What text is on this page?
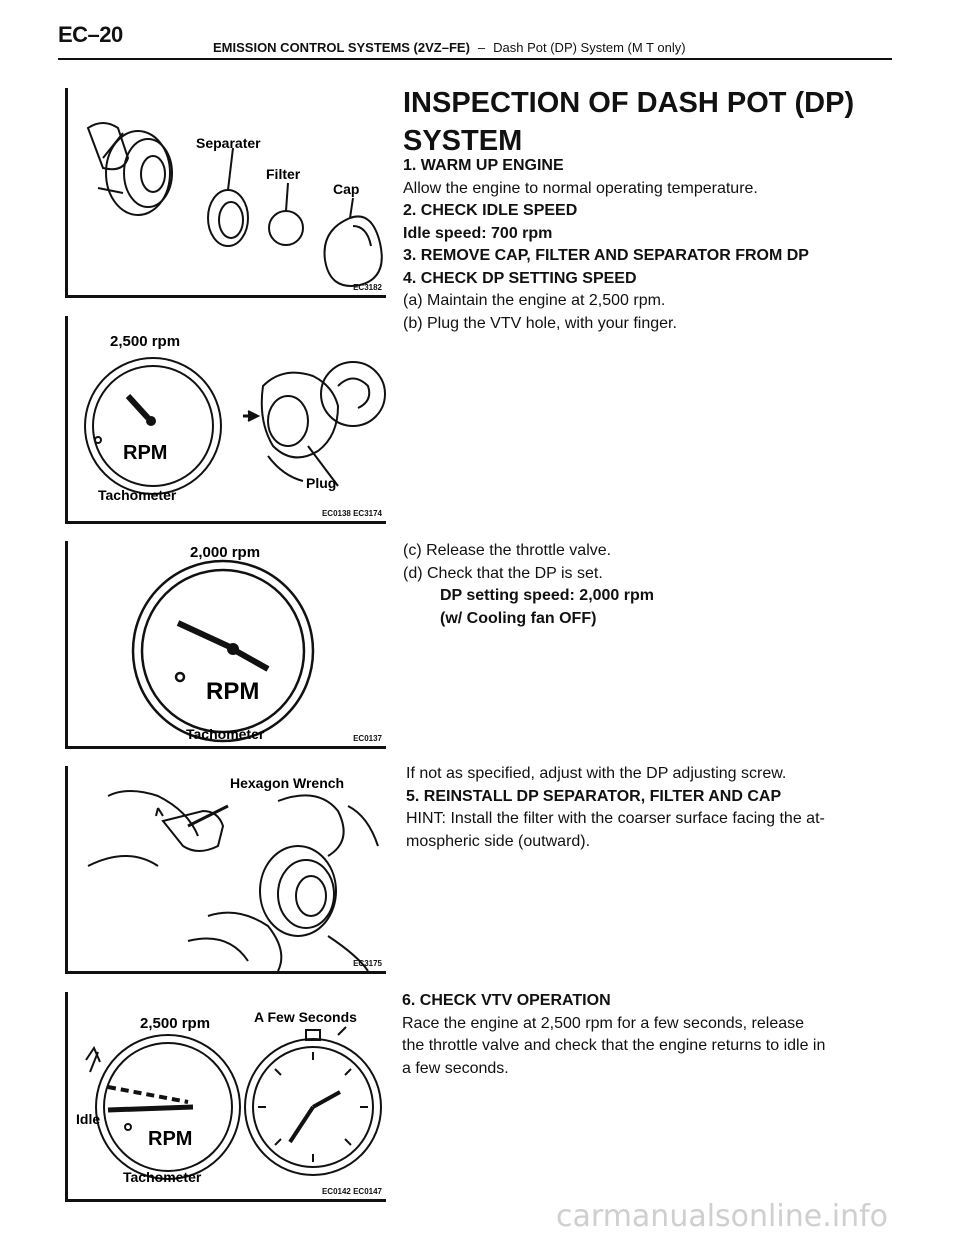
EC–20
EMISSION CONTROL SYSTEMS (2VZ–FE) – Dash Pot (DP) System (M T only)
Separater
Filter
Cap
EC3182
2,500 rpm
RPM
Tachometer
Plug
EC0138 EC3174
2,000 rpm
RPM
Tachometer	EC0137
Hexagon Wrench
EC3175
2,500 rpm
Idle
RPM
Tachometer
A Few Seconds
EC0142 EC0147
INSPECTION OF DASH POT (DP) SYSTEM

1. WARM UP ENGINE

Allow the engine to normal operating temperature.

2. CHECK IDLE SPEED

Idle speed: 700 rpm

3. REMOVE CAP, FILTER AND SEPARATOR FROM DP

4. CHECK DP SETTING SPEED

(a) Maintain the engine at 2,500 rpm.

(b) Plug the VTV hole, with your finger.

(c) Release the throttle valve.

(d) Check that the DP is set.

DP setting speed: 2,000 rpm

(w/ Cooling fan OFF)

If not as specified, adjust with the DP adjusting screw.

5. REINSTALL DP SEPARATOR, FILTER AND CAP

HINT: Install the filter with the coarser surface facing the at-

mospheric side (outward).

6. CHECK VTV OPERATION

Race the engine at 2,500 rpm for a few seconds, release

the throttle valve and check that the engine returns to idle in

a few seconds.

carmanualsonline.info
